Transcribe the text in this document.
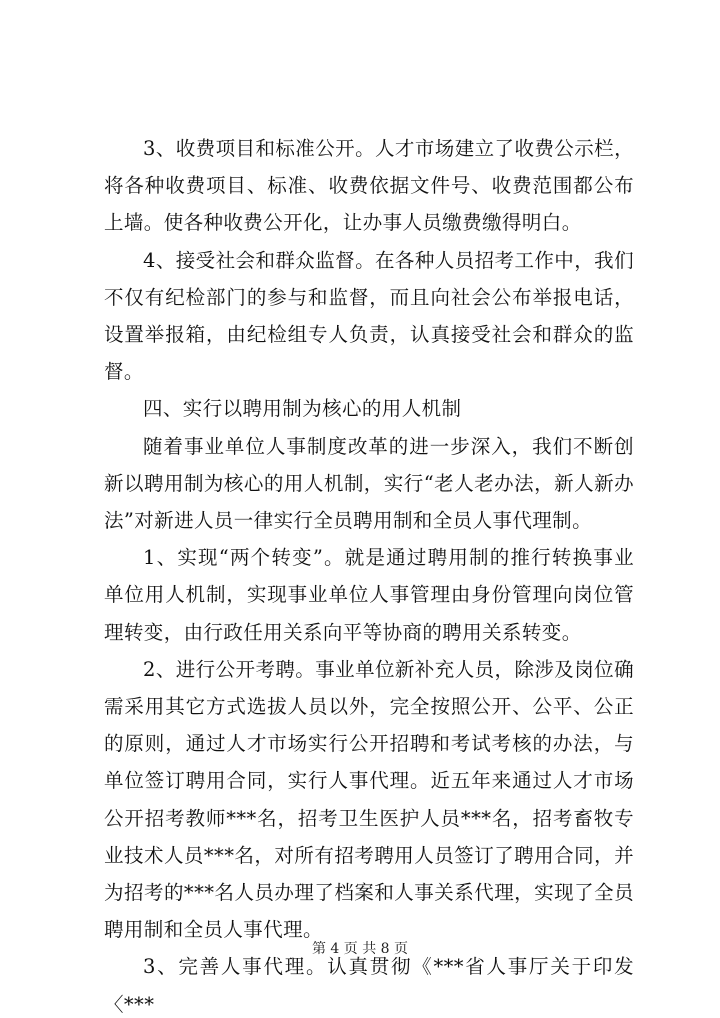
3、收费项目和标准公开。人才市场建立了收费公示栏，将各种收费项目、标准、收费依据文件号、收费范围都公布上墙。使各种收费公开化，让办事人员缴费缴得明白。

4、接受社会和群众监督。在各种人员招考工作中，我们不仅有纪检部门的参与和监督，而且向社会公布举报电话，设置举报箱，由纪检组专人负责，认真接受社会和群众的监督。

四、实行以聘用制为核心的用人机制

随着事业单位人事制度改革的进一步深入，我们不断创新以聘用制为核心的用人机制，实行“老人老办法，新人新办法”对新进人员一律实行全员聘用制和全员人事代理制。

1、实现“两个转变”。就是通过聘用制的推行转换事业单位用人机制，实现事业单位人事管理由身份管理向岗位管理转变，由行政任用关系向平等协商的聘用关系转变。

2、进行公开考聘。事业单位新补充人员，除涉及岗位确需采用其它方式选拔人员以外，完全按照公开、公平、公正的原则，通过人才市场实行公开招聘和考试考核的办法，与单位签订聘用合同，实行人事代理。近五年来通过人才市场公开招考教师***名，招考卫生医护人员***名，招考畜牧专业技术人员***名，对所有招考聘用人员签订了聘用合同，并为招考的***名人员办理了档案和人事关系代理，实现了全员聘用制和全员人事代理。

3、完善人事代理。认真贯彻《***省人事厅关于印发〈***

第 4 页 共 8 页
